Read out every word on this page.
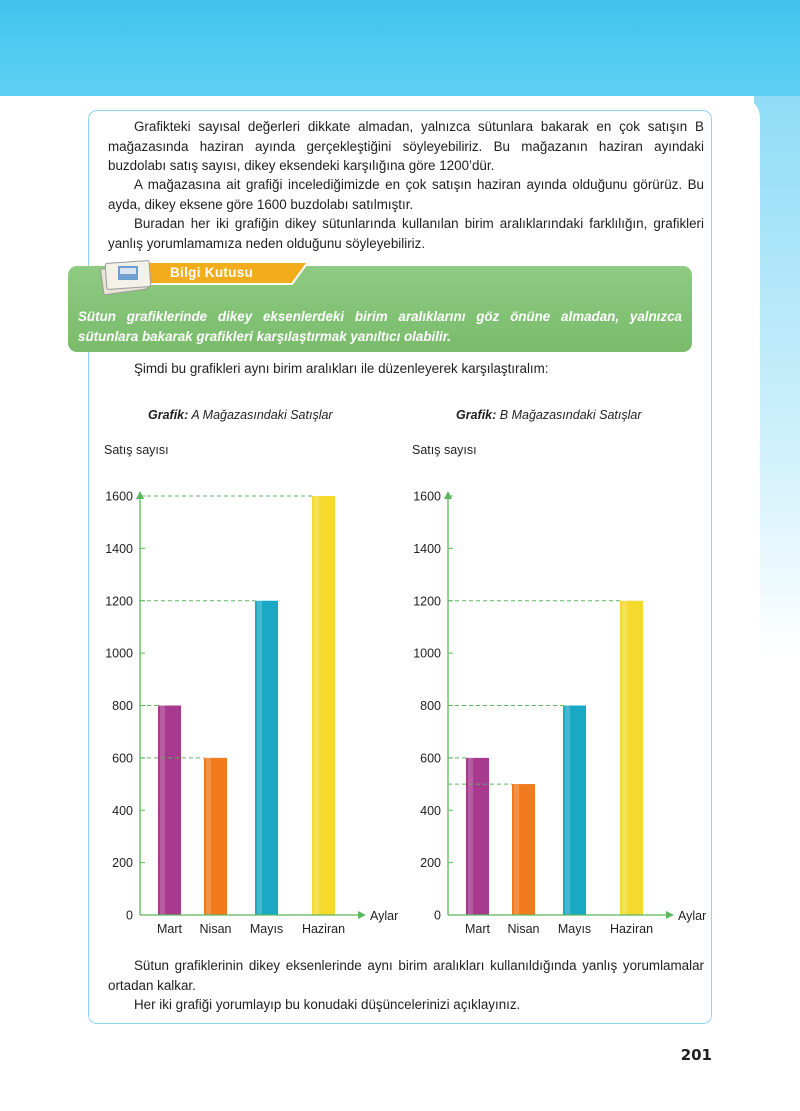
Grafikteki sayısal değerleri dikkate almadan, yalnızca sütunlara bakarak en çok satışın B mağazasında haziran ayında gerçekleştiğini söyleyebiliriz. Bu mağazanın haziran ayındaki buzdolabı satış sayısı, dikey eksendeki karşılığına göre 1200’dür.

A mağazasına ait grafiği incelediğimizde en çok satışın haziran ayında olduğunu görürüz. Bu ayda, dikey eksene göre 1600 buzdolabı satılmıştır.

Buradan her iki grafiğin dikey sütunlarında kullanılan birim aralıklarındaki farklılığın, grafikleri yanlış yorumlamamıza neden olduğunu söyleyebiliriz.

Bilgi Kutusu

Sütun grafiklerinde dikey eksenlerdeki birim aralıklarını göz önüne almadan, yalnızca sütunlara bakarak grafikleri karşılaştırmak yanıltıcı olabilir.

Şimdi bu grafikleri aynı birim aralıkları ile düzenleyerek karşılaştıralım:

Grafik: A Mağazasındaki Satışlar	Grafik: B Mağazasındaki Satışlar
Satış sayısı
0
200
400
600
800
1000
1200
1400
1600
Mart Nisan Mayıs Haziran
Aylar
Satış sayısı
0
200
400
600
800
1000
1200
1400
1600
Mart Nisan Mayıs Haziran
Aylar

Sütun grafiklerinin dikey eksenlerinde aynı birim aralıkları kullanıldığında yanlış yorumlamalar ortadan kalkar.

Her iki grafiği yorumlayıp bu konudaki düşüncelerinizi açıklayınız.

201
